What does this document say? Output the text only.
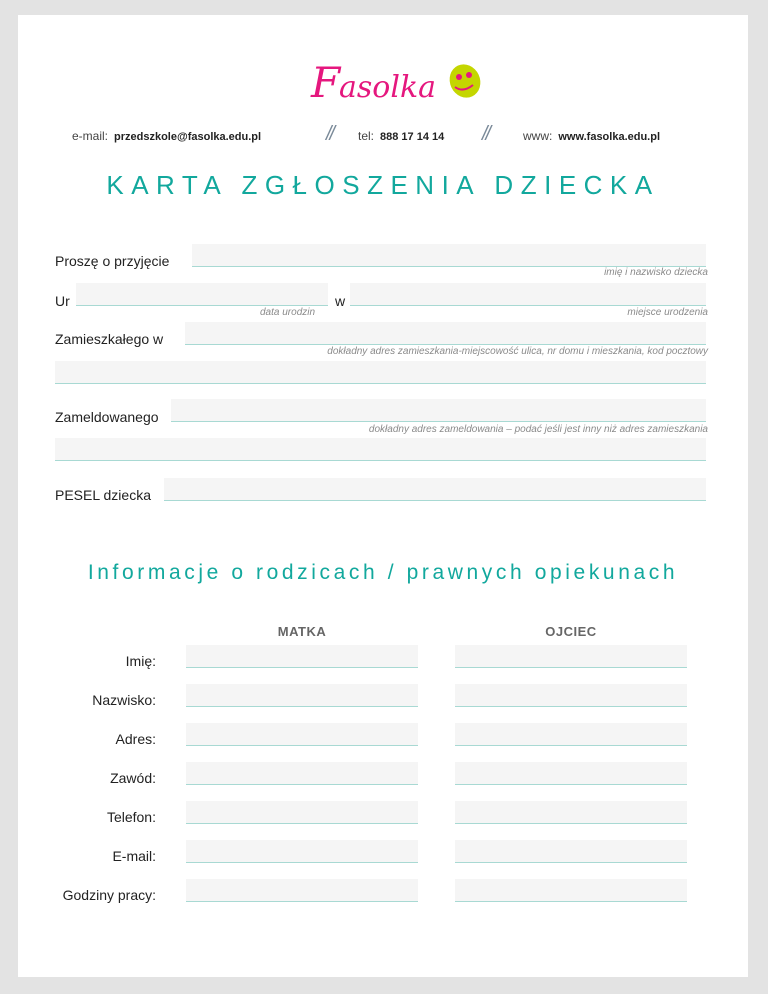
F
asolka
e-mail: przedszkole@fasolka.edu.pl	// tel: 888 17 14 14 //	www: www.fasolka.edu.pl
KARTA ZGŁOSZENIA DZIECKA
Proszę o przyjęcie
imię i nazwisko dziecka
Ur
data urodzin
w
miejsce urodzenia
Zamieszkałego w
dokładny adres zamieszkania-miejscowość ulica, nr domu i mieszkania, kod pocztowy
Zameldowanego
dokładny adres zameldowania – podać jeśli jest inny niż adres zamieszkania
PESEL dziecka
Informacje o rodzicach / prawnych opiekunach
MATKA	OJCIEC
Imię:
Nazwisko:
Adres:
Zawód:
Telefon:
E-mail:
Godziny pracy:
